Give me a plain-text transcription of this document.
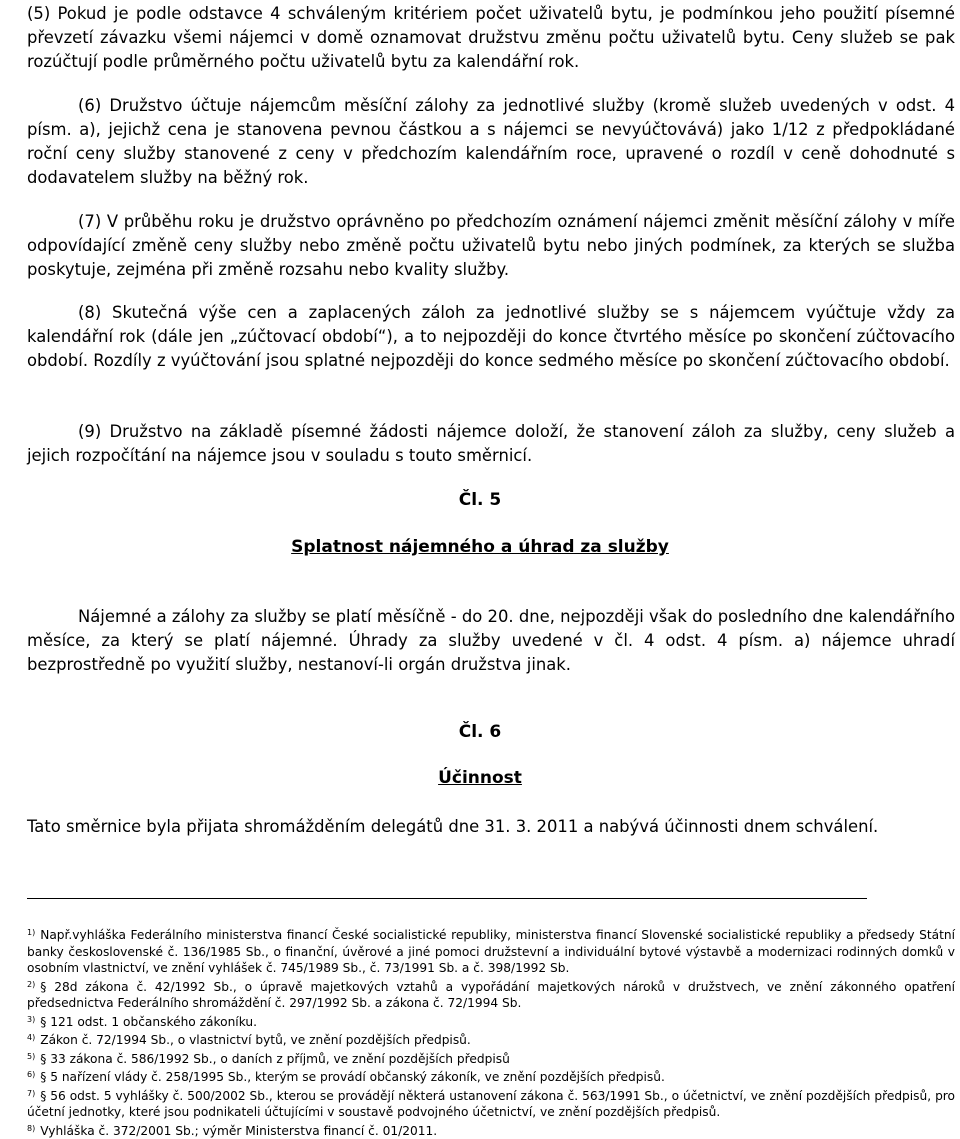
(5) Pokud je podle odstavce 4 schváleným kritériem počet uživatelů bytu, je podmínkou jeho použití písemné převzetí závazku všemi nájemci v domě oznamovat družstvu změnu počtu uživatelů bytu. Ceny služeb se pak rozúčtují podle průměrného počtu uživatelů bytu za kalendářní rok.

(6) Družstvo účtuje nájemcům měsíční zálohy za jednotlivé služby (kromě služeb uvedených v odst. 4 písm. a), jejichž cena je stanovena pevnou částkou a s nájemci se nevyúčtovává) jako 1/12 z předpokládané roční ceny služby stanovené z ceny v předchozím kalendářním roce, upravené o rozdíl v ceně dohodnuté s dodavatelem služby na běžný rok.

(7) V průběhu roku je družstvo oprávněno po předchozím oznámení nájemci změnit měsíční zálohy v míře odpovídající změně ceny služby nebo změně počtu uživatelů bytu nebo jiných podmínek, za kterých se služba poskytuje, zejména při změně rozsahu nebo kvality služby.

(8) Skutečná výše cen a zaplacených záloh za jednotlivé služby se s nájemcem vyúčtuje vždy za kalendářní rok (dále jen „zúčtovací období“), a to nejpozději do konce čtvrtého měsíce po skončení zúčtovacího období. Rozdíly z vyúčtování jsou splatné nejpozději do konce sedmého měsíce po skončení zúčtovacího období.

(9) Družstvo na základě písemné žádosti nájemce doloží, že stanovení záloh za služby, ceny služeb a jejich rozpočítání na nájemce jsou v souladu s touto směrnicí.

Čl. 5
Splatnost nájemného a úhrad za služby

Nájemné a zálohy za služby se platí měsíčně - do 20. dne, nejpozději však do posledního dne kalendářního měsíce, za který se platí nájemné. Úhrady za služby uvedené v čl. 4 odst. 4 písm. a) nájemce uhradí bezprostředně po využití služby, nestanoví-li orgán družstva jinak.

Čl. 6
Účinnost
Tato směrnice byla přijata shromážděním delegátů dne 31. 3. 2011 a nabývá účinnosti dnem schválení.
$^{1)}$ Např.vyhláška Federálního ministerstva financí České socialistické republiky, ministerstva financí Slovenské socialistické republiky a předsedy Státní banky československé č. 136/1985 Sb., o finanční, úvěrové a jiné pomoci družstevní a individuální bytové výstavbě a modernizaci rodinných domků v osobním vlastnictví, ve znění vyhlášek č. 745/1989 Sb., č. 73/1991 Sb. a č. 398/1992 Sb.
$^{2)}$ § 28d zákona č. 42/1992 Sb., o úpravě majetkových vztahů a vypořádání majetkových nároků v družstvech, ve znění zákonného opatření předsednictva Federálního shromáždění č. 297/1992 Sb. a zákona č. 72/1994 Sb.
$^{3)}$ § 121 odst. 1 občanského zákoníku.
$^{4)}$ Zákon č. 72/1994 Sb., o vlastnictví bytů, ve znění pozdějších předpisů.
$^{5)}$ § 33 zákona č. 586/1992 Sb., o daních z příjmů, ve znění pozdějších předpisů
$^{6)}$ § 5 nařízení vlády č. 258/1995 Sb., kterým se provádí občanský zákoník, ve znění pozdějších předpisů.
$^{7)}$ § 56 odst. 5 vyhlášky č. 500/2002 Sb., kterou se provádějí některá ustanovení zákona č. 563/1991 Sb., o účetnictví, ve znění pozdějších předpisů, pro účetní jednotky, které jsou podnikateli účtujícími v soustavě podvojného účetnictví, ve znění pozdějších předpisů.
$^{8)}$ Vyhláška č. 372/2001 Sb.; výměr Ministerstva financí č. 01/2011.
